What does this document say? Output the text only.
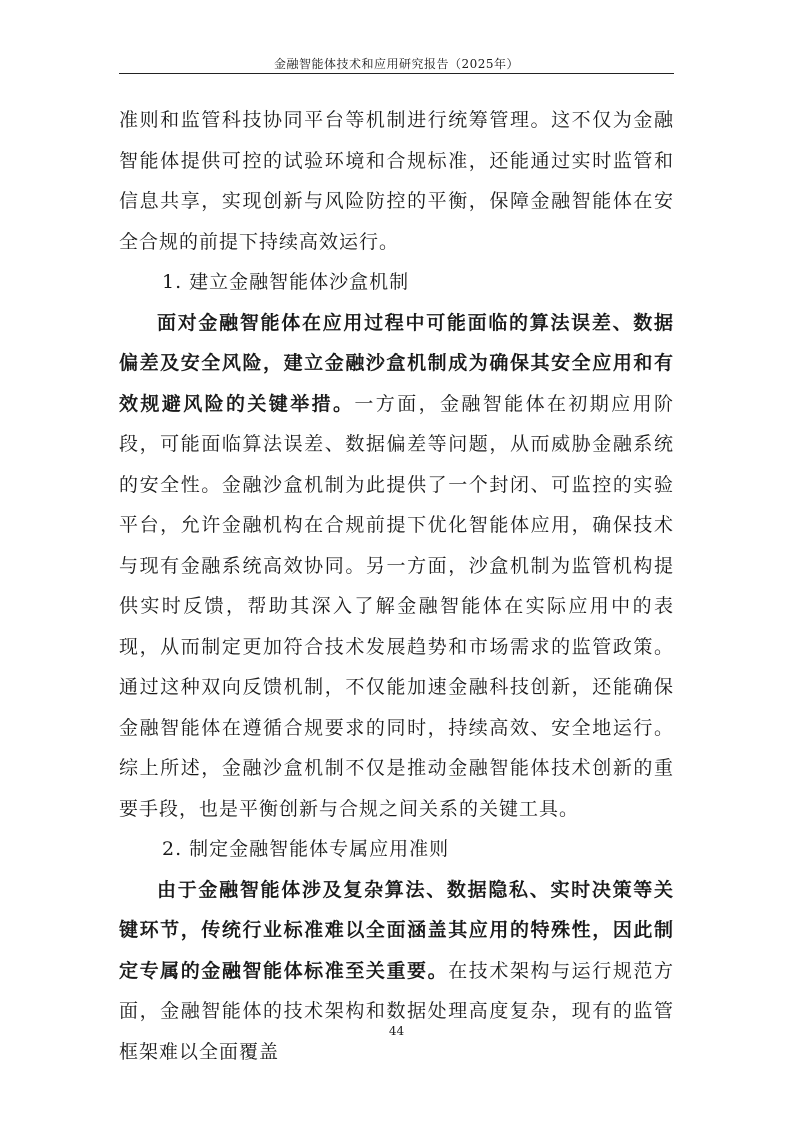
金融智能体技术和应用研究报告（2025年）

准则和监管科技协同平台等机制进行统筹管理。这不仅为金融智能体提供可控的试验环境和合规标准，还能通过实时监管和信息共享，实现创新与风险防控的平衡，保障金融智能体在安全合规的前提下持续高效运行。

1. 建立金融智能体沙盒机制

面对金融智能体在应用过程中可能面临的算法误差、数据偏差及安全风险，建立金融沙盒机制成为确保其安全应用和有效规避风险的关键举措。一方面，金融智能体在初期应用阶段，可能面临算法误差、数据偏差等问题，从而威胁金融系统的安全性。金融沙盒机制为此提供了一个封闭、可监控的实验平台，允许金融机构在合规前提下优化智能体应用，确保技术与现有金融系统高效协同。另一方面，沙盒机制为监管机构提供实时反馈，帮助其深入了解金融智能体在实际应用中的表现，从而制定更加符合技术发展趋势和市场需求的监管政策。通过这种双向反馈机制，不仅能加速金融科技创新，还能确保金融智能体在遵循合规要求的同时，持续高效、安全地运行。综上所述，金融沙盒机制不仅是推动金融智能体技术创新的重要手段，也是平衡创新与合规之间关系的关键工具。

2. 制定金融智能体专属应用准则

由于金融智能体涉及复杂算法、数据隐私、实时决策等关键环节，传统行业标准难以全面涵盖其应用的特殊性，因此制定专属的金融智能体标准至关重要。在技术架构与运行规范方面，金融智能体的技术架构和数据处理高度复杂，现有的监管框架难以全面覆盖

44
